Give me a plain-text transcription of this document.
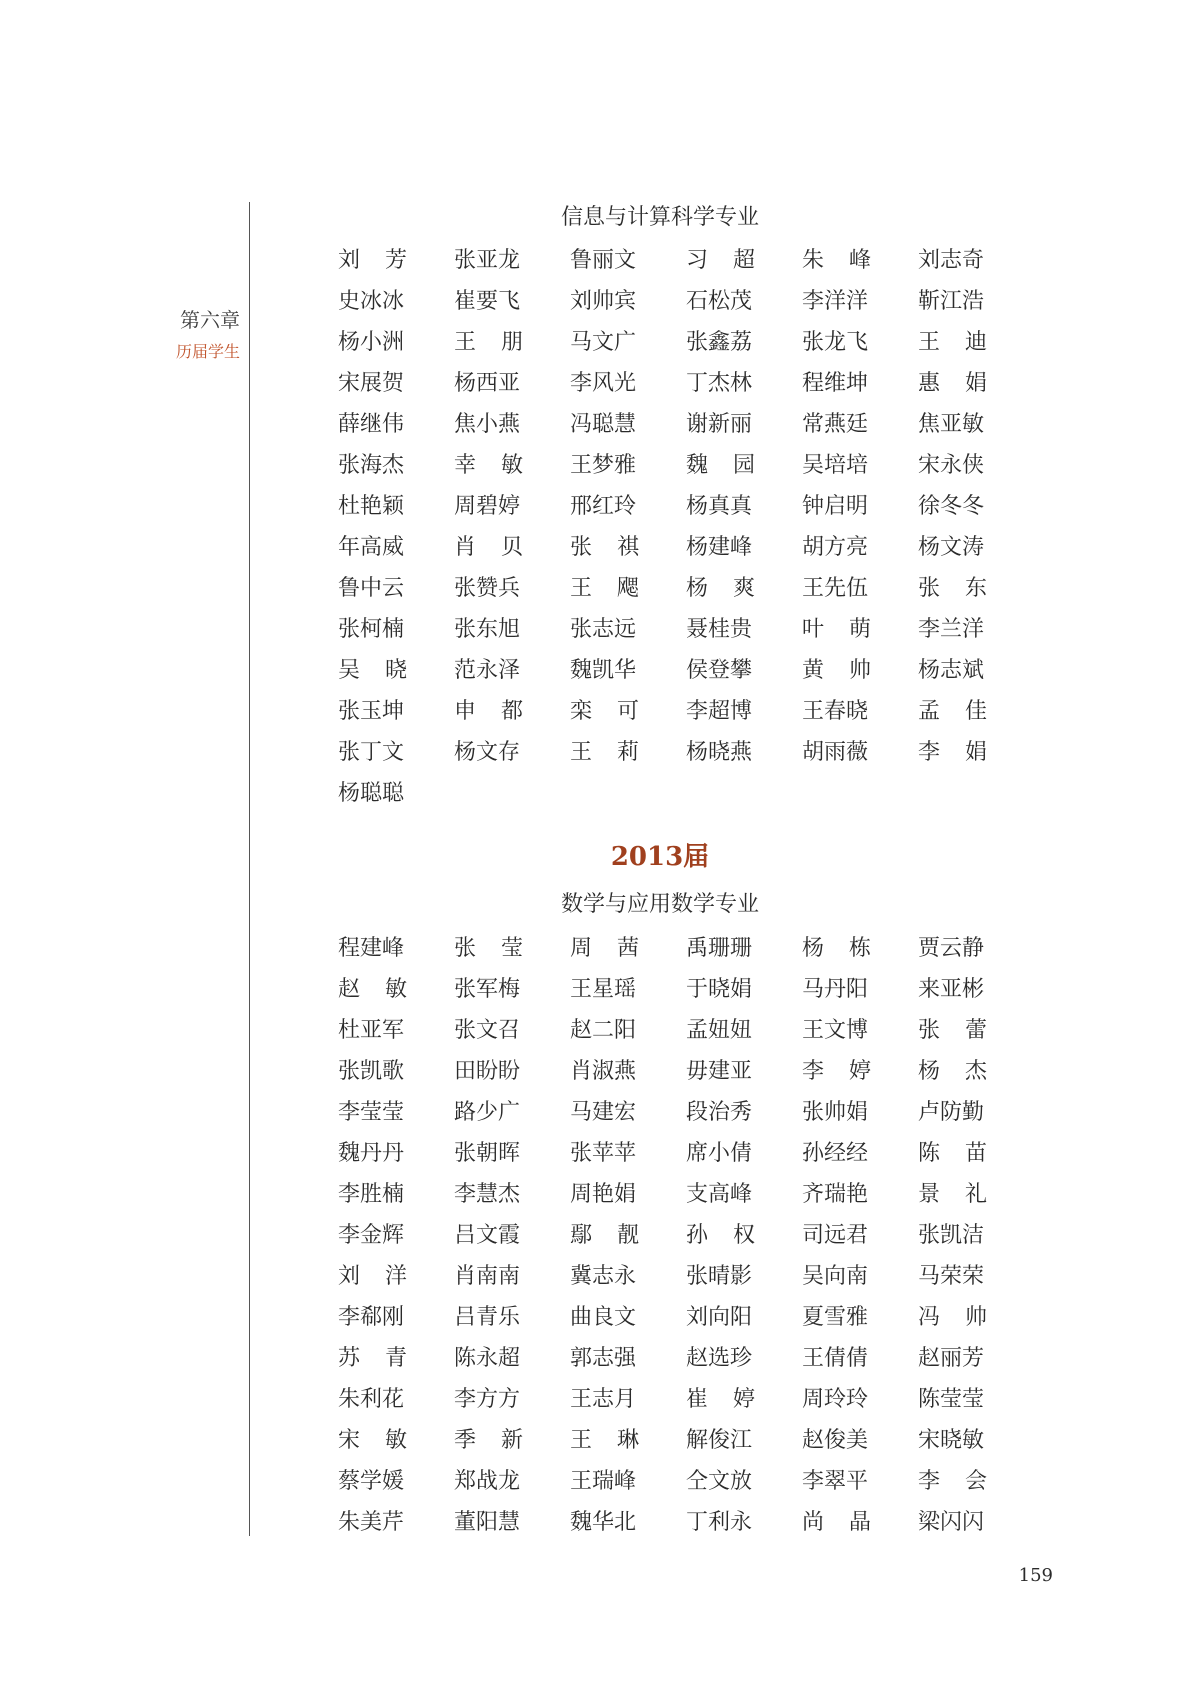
第六章
历届学生
信息与计算科学专业
刘 芳 张亚龙 鲁丽文 习 超 朱 峰 刘志奇
史冰冰 崔要飞 刘帅宾 石松茂 李洋洋 靳江浩
杨小洲 王 朋 马文广 张鑫荔 张龙飞 王 迪
宋展贺 杨西亚 李风光 丁杰林 程维坤 惠 娟
薛继伟 焦小燕 冯聪慧 谢新丽 常燕廷 焦亚敏
张海杰 幸 敏 王梦雅 魏 园 吴培培 宋永侠
杜艳颖 周碧婷 邢红玲 杨真真 钟启明 徐冬冬
年高威 肖 贝 张 祺 杨建峰 胡方亮 杨文涛
鲁中云 张赞兵 王 飔 杨 爽 王先伍 张 东
张柯楠 张东旭 张志远 聂桂贵 叶 萌 李兰洋
吴 晓 范永泽 魏凯华 侯登攀 黄 帅 杨志斌
张玉坤 申 都 栾 可 李超博 王春晓 孟 佳
张丁文 杨文存 王 莉 杨晓燕 胡雨薇 李 娟
杨聪聪
2013届
数学与应用数学专业
程建峰 张 莹 周 茜 禹珊珊 杨 栋 贾云静
赵 敏 张军梅 王星瑶 于晓娟 马丹阳 来亚彬
杜亚军 张文召 赵二阳 孟妞妞 王文博 张 蕾
张凯歌 田盼盼 肖淑燕 毋建亚 李 婷 杨 杰
李莹莹 路少广 马建宏 段治秀 张帅娟 卢防勤
魏丹丹 张朝晖 张苹苹 席小倩 孙经经 陈 苗
李胜楠 李慧杰 周艳娟 支高峰 齐瑞艳 景 礼
李金辉 吕文霞 鄢 靓 孙 权 司远君 张凯洁
刘 洋 肖南南 冀志永 张晴影 吴向南 马荣荣
李郗刚 吕青乐 曲良文 刘向阳 夏雪雅 冯 帅
苏 青 陈永超 郭志强 赵选珍 王倩倩 赵丽芳
朱利花 李方方 王志月 崔 婷 周玲玲 陈莹莹
宋 敏 季 新 王 琳 解俊江 赵俊美 宋晓敏
蔡学媛 郑战龙 王瑞峰 仝文放 李翠平 李 会
朱美芹 董阳慧 魏华北 丁利永 尚 晶 梁闪闪
159
